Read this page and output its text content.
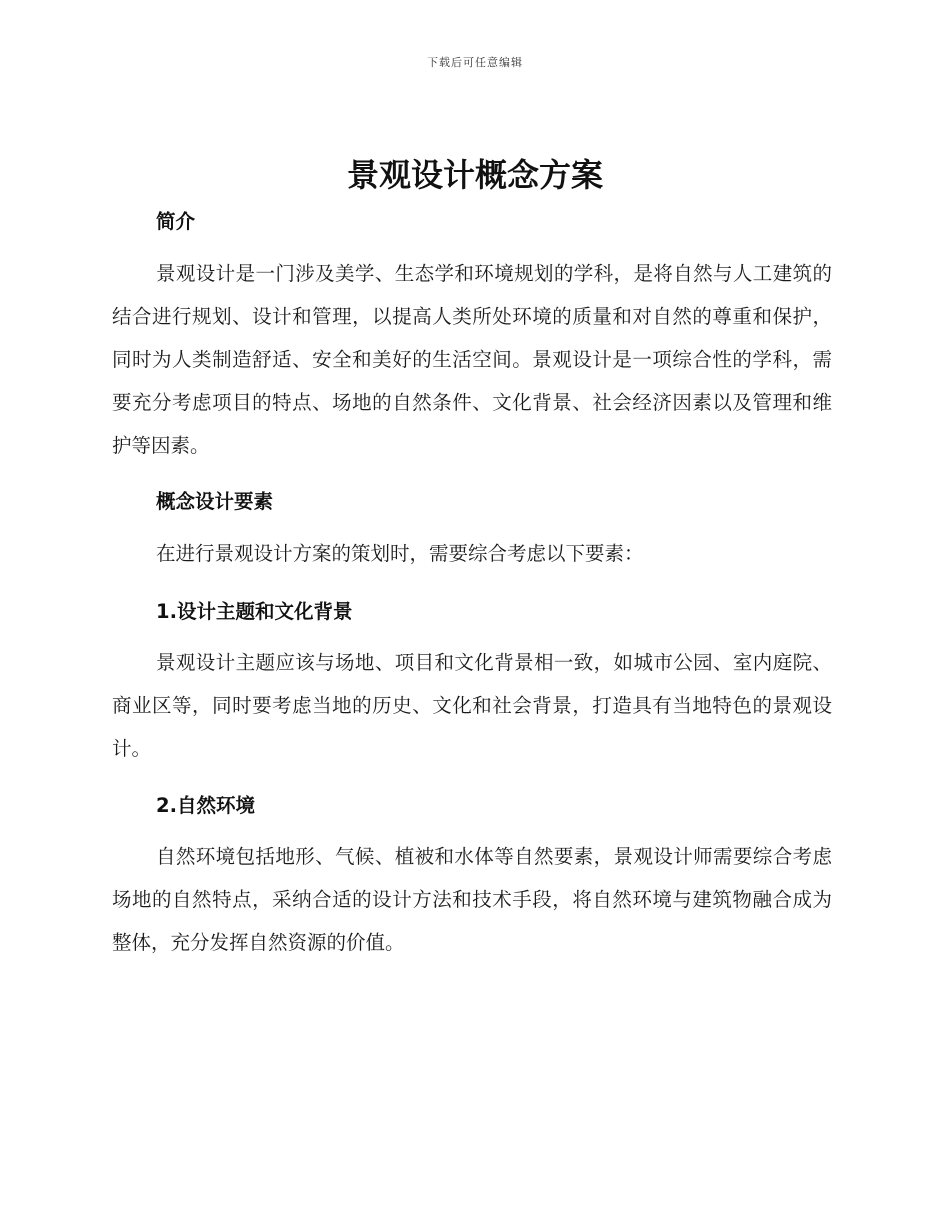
下载后可任意编辑
景观设计概念方案
简介

景观设计是一门涉及美学、生态学和环境规划的学科，是将自然与人工建筑的结合进行规划、设计和管理，以提高人类所处环境的质量和对自然的尊重和保护，同时为人类制造舒适、安全和美好的生活空间。景观设计是一项综合性的学科，需要充分考虑项目的特点、场地的自然条件、文化背景、社会经济因素以及管理和维护等因素。

概念设计要素

在进行景观设计方案的策划时，需要综合考虑以下要素：

1.设计主题和文化背景

景观设计主题应该与场地、项目和文化背景相一致，如城市公园、室内庭院、商业区等，同时要考虑当地的历史、文化和社会背景，打造具有当地特色的景观设计。

2.自然环境

自然环境包括地形、气候、植被和水体等自然要素，景观设计师需要综合考虑场地的自然特点，采纳合适的设计方法和技术手段，将自然环境与建筑物融合成为整体，充分发挥自然资源的价值。
